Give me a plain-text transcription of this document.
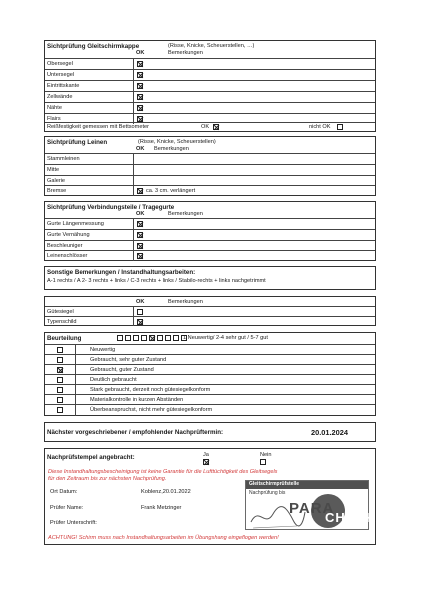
Sichtprüfung Gleitschirmkappe	(Risse, Knicke, Scheuerstellen, …)
OK	Bemerkungen
Obersegel
Untersegel
Eintrittskante
Zellwände
Nähte
Flairs
Reißfestigkeit gemessen mit Bettsometer	OK	nicht OK
Sichtprüfung Leinen	(Risse, Knicke, Scheuerstellen)
OK Bemerkungen
Stammleinen
Mitte
Galerie
Bremse	ca. 3 cm. verlängert
Sichtprüfung Verbindungsteile / Tragegurte
OK	Bemerkungen
Gurte Längenmessung
Gurte Vernähung
Beschleuniger
Leinenschlösser
Sonstige Bemerkungen / Instandhaltungsarbeiten:
A-1 rechts / A 2- 3 rechts + links / C-3 rechts + links / Stabilo-rechts + links nachgetrimmt
OK	Bemerkungen
Gütesiegel
Typenschild
Beurteilung	1 Neuwertig/ 2-4 sehr gut / 5-7 gut
Neuwertig
Gebraucht, sehr guter Zustand
Gebraucht, guter Zustand
Deutlich gebraucht
Stark gebraucht, derzeit noch gütesiegelkonform
Materialkontrolle in kurzen Abständen
Überbeanspruchst, nicht mehr gütesiegelkonform
Nächster vorgeschriebener / empfohlender Nachprüftermin:	20.01.2024
Nachprüfstempel angebracht:	Ja	Nein
Diese Instandhaltungsbescheinigung ist keine Garantie für die Lufttüchtigkeit des Gleitsegels
für den Zeitraum bis zur nächsten Nachprüfung.
Ort Datum:	Koblenz,20.01.2022
Prüfer Name:	Frank Metzinger
Prüfer Unterschrift:
ACHTUNG! Schirm muss nach Instandhaltungsarbeiten im Übungshang eingeflogen werden!
Gleitschirmprüfstelle
Nachprüfung bis
PARA
CHECK
